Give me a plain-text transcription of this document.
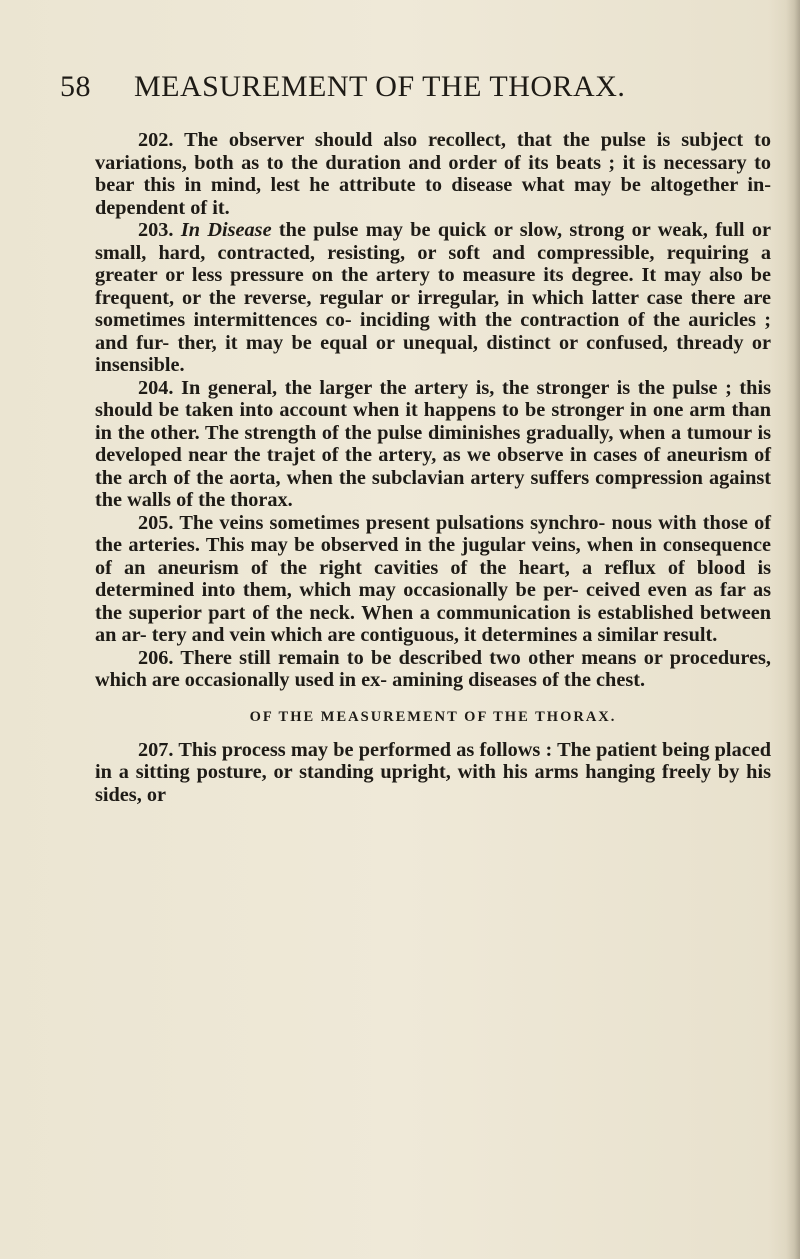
58 MEASUREMENT OF THE THORAX.

202. The observer should also recollect, that the pulse is subject to variations, both as to the duration and order of its beats ; it is necessary to bear this in mind, lest he attribute to disease what may be altogether in- dependent of it.

203. In Disease the pulse may be quick or slow, strong or weak, full or small, hard, contracted, resisting, or soft and compressible, requiring a greater or less pressure on the artery to measure its degree. It may also be frequent, or the reverse, regular or irregular, in which latter case there are sometimes intermittences co- inciding with the contraction of the auricles ; and fur- ther, it may be equal or unequal, distinct or confused, thready or insensible.

204. In general, the larger the artery is, the stronger is the pulse ; this should be taken into account when it happens to be stronger in one arm than in the other. The strength of the pulse diminishes gradually, when a tumour is developed near the trajet of the artery, as we observe in cases of aneurism of the arch of the aorta, when the subclavian artery suffers compression against the walls of the thorax.

205. The veins sometimes present pulsations synchro- nous with those of the arteries. This may be observed in the jugular veins, when in consequence of an aneurism of the right cavities of the heart, a reflux of blood is determined into them, which may occasionally be per- ceived even as far as the superior part of the neck. When a communication is established between an ar- tery and vein which are contiguous, it determines a similar result.

206. There still remain to be described two other means or procedures, which are occasionally used in ex- amining diseases of the chest.

OF THE MEASUREMENT OF THE THORAX.

207. This process may be performed as follows : The patient being placed in a sitting posture, or standing upright, with his arms hanging freely by his sides, or
